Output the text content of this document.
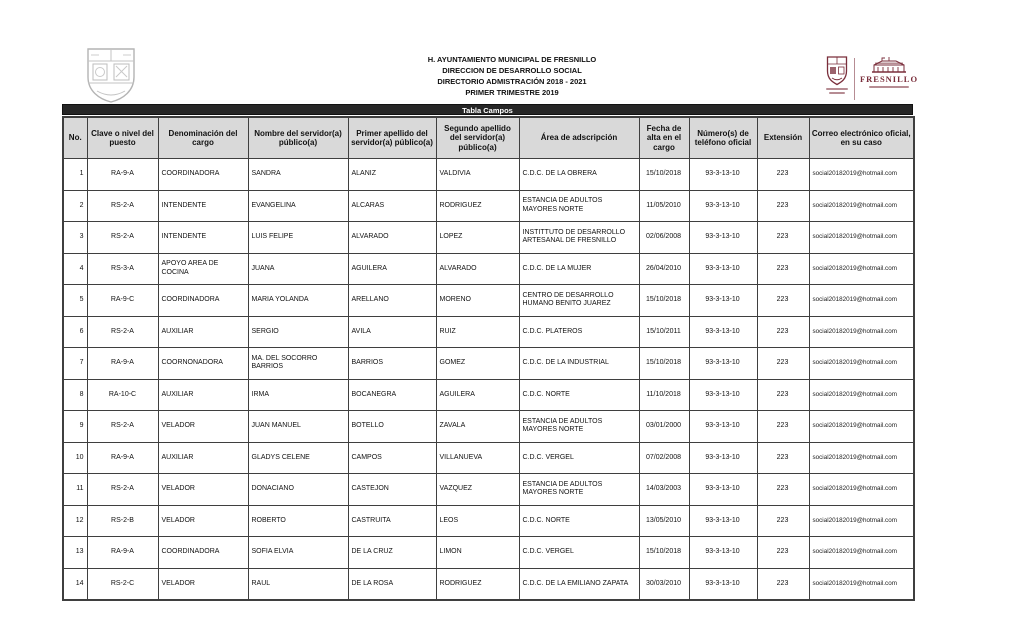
H. AYUNTAMIENTO MUNICIPAL DE FRESNILLO
DIRECCION DE DESARROLLO SOCIAL
DIRECTORIO ADMISTRACIÓN 2018 - 2021
PRIMER TRIMESTRE 2019
FRESNILLO
Tabla Campos
No.	Clave o nivel del puesto	Denominación del cargo	Nombre del servidor(a) público(a)	Primer apellido del servidor(a) público(a)	Segundo apellido del servidor(a) público(a)	Área de adscripción	Fecha de alta en el cargo	Número(s) de teléfono oficial	Extensión	Correo electrónico oficial, en su caso
1	RA-9-A	COORDINADORA	SANDRA	ALANIZ	VALDIVIA	C.D.C. DE LA OBRERA	15/10/2018	93-3-13-10	223	social20182019@hotmail.com
2	RS-2-A	INTENDENTE	EVANGELINA	ALCARAS	RODRIGUEZ	ESTANCIA DE ADULTOS MAYORES NORTE	11/05/2010	93-3-13-10	223	social20182019@hotmail.com
3	RS-2-A	INTENDENTE	LUIS FELIPE	ALVARADO	LOPEZ	INSTITTUTO DE DESARROLLO ARTESANAL DE FRESNILLO	02/06/2008	93-3-13-10	223	social20182019@hotmail.com
4	RS-3-A	APOYO AREA DE COCINA	JUANA	AGUILERA	ALVARADO	C.D.C. DE LA MUJER	26/04/2010	93-3-13-10	223	social20182019@hotmail.com
5	RA-9-C	COORDINADORA	MARIA YOLANDA	ARELLANO	MORENO	CENTRO DE DESARROLLO HUMANO BENITO JUAREZ	15/10/2018	93-3-13-10	223	social20182019@hotmail.com
6	RS-2-A	AUXILIAR	SERGIO	AVILA	RUIZ	C.D.C. PLATEROS	15/10/2011	93-3-13-10	223	social20182019@hotmail.com
7	RA-9-A	COORNONADORA	MA. DEL SOCORRO BARRIOS	BARRIOS	GOMEZ	C.D.C. DE LA INDUSTRIAL	15/10/2018	93-3-13-10	223	social20182019@hotmail.com
8	RA-10-C	AUXILIAR	IRMA	BOCANEGRA	AGUILERA	C.D.C. NORTE	11/10/2018	93-3-13-10	223	social20182019@hotmail.com
9	RS-2-A	VELADOR	JUAN MANUEL	BOTELLO	ZAVALA	ESTANCIA DE ADULTOS MAYORES NORTE	03/01/2000	93-3-13-10	223	social20182019@hotmail.com
10	RA-9-A	AUXILIAR	GLADYS CELENE	CAMPOS	VILLANUEVA	C.D.C. VERGEL	07/02/2008	93-3-13-10	223	social20182019@hotmail.com
11	RS-2-A	VELADOR	DONACIANO	CASTEJON	VAZQUEZ	ESTANCIA DE ADULTOS MAYORES NORTE	14/03/2003	93-3-13-10	223	social20182019@hotmail.com
12	RS-2-B	VELADOR	ROBERTO	CASTRUITA	LEOS	C.D.C. NORTE	13/05/2010	93-3-13-10	223	social20182019@hotmail.com
13	RA-9-A	COORDINADORA	SOFIA ELVIA	DE LA CRUZ	LIMON	C.D.C. VERGEL	15/10/2018	93-3-13-10	223	social20182019@hotmail.com
14	RS-2-C	VELADOR	RAUL	DE LA ROSA	RODRIGUEZ	C.D.C. DE LA EMILIANO ZAPATA	30/03/2010	93-3-13-10	223	social20182019@hotmail.com
